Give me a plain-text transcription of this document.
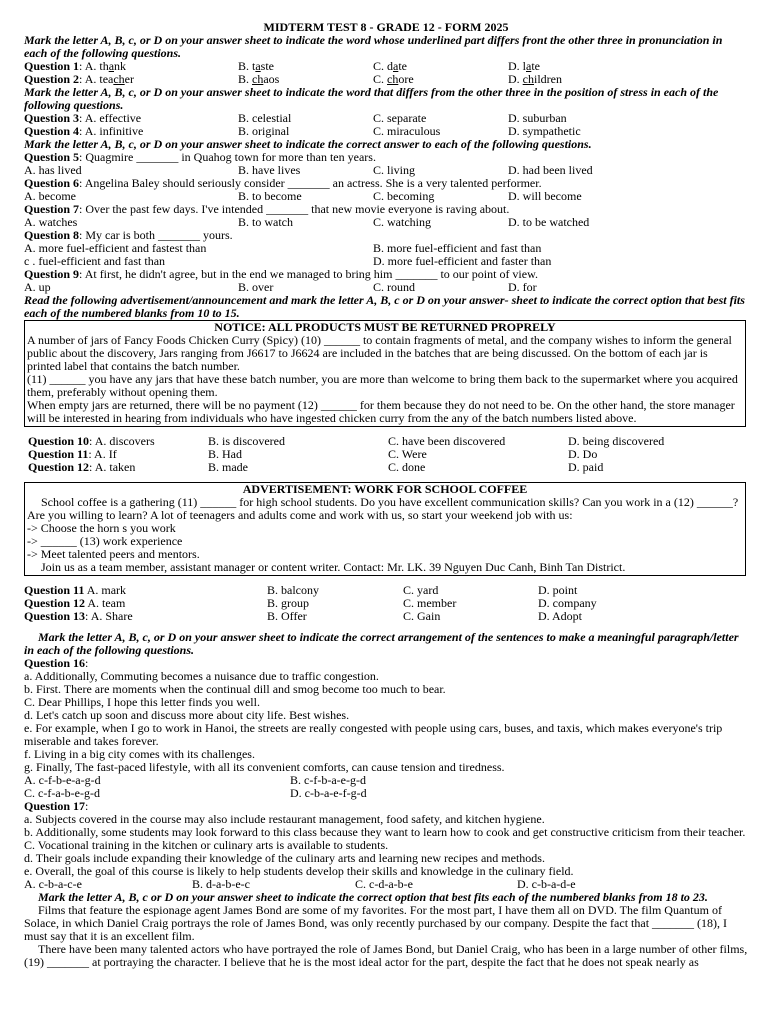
MIDTERM TEST 8 - GRADE 12 - FORM 2025
Mark the letter A, B, c, or D on your answer sheet to indicate the word whose underlined part differs front the other three in pronunciation in each of the following questions.
Question 1: A. thank	B. taste	C. date	D. late
Question 2: A. teacher	B. chaos	C. chore	D. children
Mark the letter A, B, c, or D on your answer sheet to indicate the word that differs from the other three in the position of stress in each of the following questions.
Question 3: A. effective	B. celestial	C. separate	D. suburban
Question 4: A. infinitive	B. original	C. miraculous	D. sympathetic
Mark the letter A, B, c, or D on your answer sheet to indicate the correct answer to each of the following questions.
Question 5: Quagmire _______ in Quahog town for more than ten years.
A. has lived	B. have lives	C. living	D. had been lived
Question 6: Angelina Baley should seriously consider _______ an actress. She is a very talented performer.
A. become	B. to become	C. becoming	D. will become
Question 7: Over the past few days. I've intended _______ that new movie everyone is raving about.
A. watches	B. to watch	C. watching	D. to be watched
Question 8: My car is both _______ yours.
A. more fuel-efficient and fastest than	B. more fuel-efficient and fast than
c . fuel-efficient and fast than	D. more fuel-efficient and faster than
Question 9: At first, he didn't agree, but in the end we managed to bring him _______ to our point of view.
A. up	B. over	C. round	D. for
Read the following advertisement/announcement and mark the letter A, B, c or D on your answer- sheet to indicate the correct option that best fits each of the numbered blanks from 10 to 15.
NOTICE: ALL PRODUCTS MUST BE RETURNED PROPRELY

A number of jars of Fancy Foods Chicken Curry (Spicy) (10) ______ to contain fragments of metal, and the company wishes to inform the general public about the discovery, Jars ranging from J6617 to J6624 are included in the batches that are being discussed. On the bottom of each jar is printed label that contains the batch number.

(11) ______ you have any jars that have these batch number, you are more than welcome to bring them back to the supermarket where you acquired them, preferably without opening them.

When empty jars are returned, there will be no payment (12) ______ for them because they do not need to be. On the other hand, the store manager will be interested in hearing from individuals who have ingested chicken curry from the any of the batch numbers listed above.

Question 10: A. discovers	B. is discovered	C. have been discovered	D. being discovered
Question 11: A. If	B. Had	C. Were	D. Do
Question 12: A. taken	B. made	C. done	D. paid
ADVERTISEMENT: WORK FOR SCHOOL COFFEE

School coffee is a gathering (11) ______ for high school students. Do you have excellent communication skills? Can you work in a (12) ______? Are you willing to learn? A lot of teenagers and adults come and work with us, so start your weekend job with us:

-> Choose the horn s you work
-> ______ (13) work experience
-> Meet talented peers and mentors.

Join us as a team member, assistant manager or content writer. Contact: Mr. LK. 39 Nguyen Duc Canh, Binh Tan District.

Question 11 A. mark	B. balcony	C. yard	D. point
Question 12 A. team	B. group	C. member	D. company
Question 13: A. Share	B. Offer	C. Gain	D. Adopt
Mark the letter A, B, c, or D on your answer sheet to indicate the correct arrangement of the sentences to make a meaningful paragraph/letter in each of the following questions.
Question 16:
a. Additionally, Commuting becomes a nuisance due to traffic congestion.
b. First. There are moments when the continual dill and smog become too much to bear.
C. Dear Phillips, I hope this letter finds you well.
d. Let's catch up soon and discuss more about city life. Best wishes.
e. For example, when I go to work in Hanoi, the streets are really congested with people using cars, buses, and taxis, which makes everyone's trip miserable and takes forever.
f. Living in a big city comes with its challenges.
g. Finally, The fast-paced lifestyle, with all its convenient comforts, can cause tension and tiredness.
A. c-f-b-e-a-g-d	B. c-f-b-a-e-g-d
C. c-f-a-b-e-g-d	D. c-b-a-e-f-g-d
Question 17:
a. Subjects covered in the course may also include restaurant management, food safety, and kitchen hygiene.
b. Additionally, some students may look forward to this class because they want to learn how to cook and get constructive criticism from their teacher.
C. Vocational training in the kitchen or culinary arts is available to students.
d. Their goals include expanding their knowledge of the culinary arts and learning new recipes and methods.
e. Overall, the goal of this course is likely to help students develop their skills and knowledge in the culinary field.
A. c-b-a-c-e	B. d-a-b-e-c	C. c-d-a-b-e	D. c-b-a-d-e
Mark the letter A, B, c or D on your answer sheet to indicate the correct option that best fits each of the numbered blanks from 18 to 23.

Films that feature the espionage agent James Bond are some of my favorites. For the most part, I have them all on DVD. The film Quantum of Solace, in which Daniel Craig portrays the role of James Bond, was only recently purchased by our company. Despite the fact that _______ (18), I must say that it is an excellent film.

There have been many talented actors who have portrayed the role of James Bond, but Daniel Craig, who has been in a large number of other films, (19) _______ at portraying the character. I believe that he is the most ideal actor for the part, despite the fact that he does not speak nearly as
